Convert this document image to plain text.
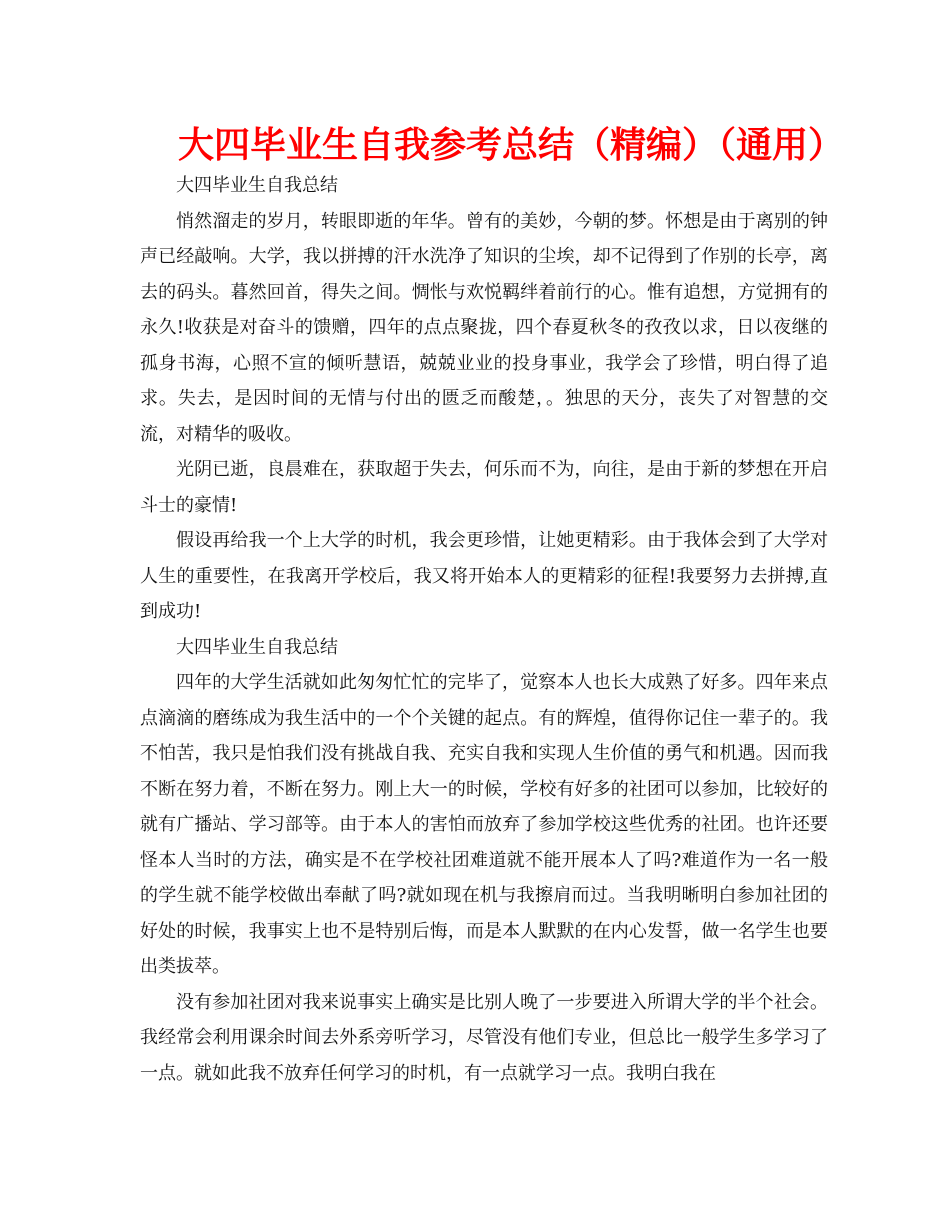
大四毕业生自我参考总结（精编）（通用）

大四毕业生自我总结

悄然溜走的岁月，转眼即逝的年华。曾有的美妙，今朝的梦。怀想是由于离别的钟声已经敲响。大学，我以拼搏的汗水洗净了知识的尘埃，却不记得到了作别的长亭，离去的码头。暮然回首，得失之间。惆怅与欢悦羁绊着前行的心。惟有追想，方觉拥有的永久!收获是对奋斗的馈赠，四年的点点聚拢，四个春夏秋冬的孜孜以求，日以夜继的孤身书海，心照不宣的倾听慧语，兢兢业业的投身事业，我学会了珍惜，明白得了追求。失去，是因时间的无情与付出的匮乏而酸楚，。独思的天分，丧失了对智慧的交流，对精华的吸收。

光阴已逝，良晨难在，获取超于失去，何乐而不为，向往，是由于新的梦想在开启斗士的豪情!

假设再给我一个上大学的时机，我会更珍惜，让她更精彩。由于我体会到了大学对人生的重要性，在我离开学校后，我又将开始本人的更精彩的征程!我要努力去拼搏,直到成功!

大四毕业生自我总结

四年的大学生活就如此匆匆忙忙的完毕了，觉察本人也长大成熟了好多。四年来点点滴滴的磨练成为我生活中的一个个关键的起点。有的辉煌，值得你记住一辈子的。我不怕苦，我只是怕我们没有挑战自我、充实自我和实现人生价值的勇气和机遇。因而我不断在努力着，不断在努力。刚上大一的时候，学校有好多的社团可以参加，比较好的就有广播站、学习部等。由于本人的害怕而放弃了参加学校这些优秀的社团。也许还要怪本人当时的方法，确实是不在学校社团难道就不能开展本人了吗?难道作为一名一般的学生就不能学校做出奉献了吗?就如现在机与我擦肩而过。当我明晰明白参加社团的好处的时候，我事实上也不是特别后悔，而是本人默默的在内心发誓，做一名学生也要出类拔萃。

没有参加社团对我来说事实上确实是比别人晚了一步要进入所谓大学的半个社会。我经常会利用课余时间去外系旁听学习，尽管没有他们专业，但总比一般学生多学习了一点。就如此我不放弃任何学习的时机，有一点就学习一点。我明白我在
